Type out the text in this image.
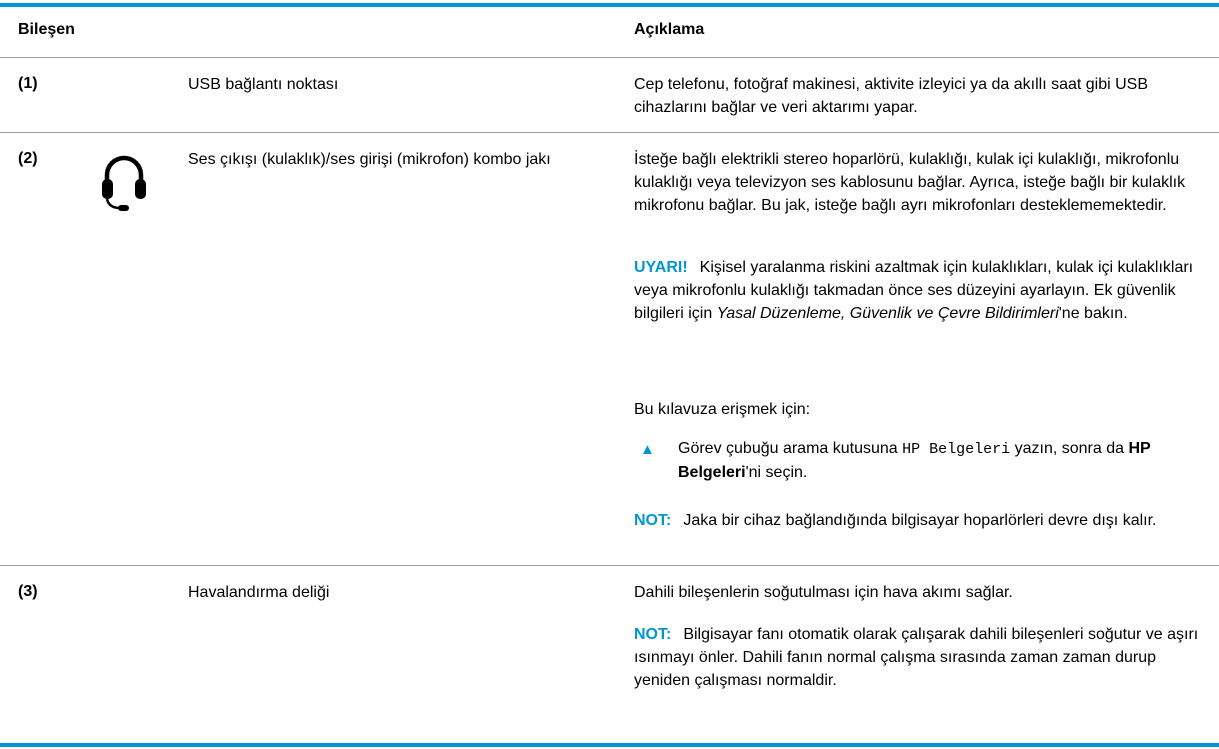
Bileşen	Açıklama
(1)	USB bağlantı noktası	Cep telefonu, fotoğraf makinesi, aktivite izleyici ya da akıllı saat gibi USB cihazlarını bağlar ve veri aktarımı yapar.
(2)	Ses çıkışı (kulaklık)/ses girişi (mikrofon) kombo jakı	İsteğe bağlı elektrikli stereo hoparlörü, kulaklığı, kulak içi kulaklığı, mikrofonlu kulaklığı veya televizyon ses kablosunu bağlar. Ayrıca, isteğe bağlı bir kulaklık mikrofonu bağlar. Bu jak, isteğe bağlı ayrı mikrofonları desteklememektedir.
UYARI! Kişisel yaralanma riskini azaltmak için kulaklıkları, kulak içi kulaklıkları veya mikrofonlu kulaklığı takmadan önce ses düzeyini ayarlayın. Ek güvenlik bilgileri için Yasal Düzenleme, Güvenlik ve Çevre Bildirimleri'ne bakın.
Bu kılavuza erişmek için:
▲ Görev çubuğu arama kutusuna HP Belgeleri yazın, sonra da HP Belgeleri'ni seçin.
NOT: Jaka bir cihaz bağlandığında bilgisayar hoparlörleri devre dışı kalır.
(3)	Havalandırma deliği	Dahili bileşenlerin soğutulması için hava akımı sağlar.
NOT: Bilgisayar fanı otomatik olarak çalışarak dahili bileşenleri soğutur ve aşırı ısınmayı önler. Dahili fanın normal çalışma sırasında zaman zaman durup yeniden çalışması normaldir.
